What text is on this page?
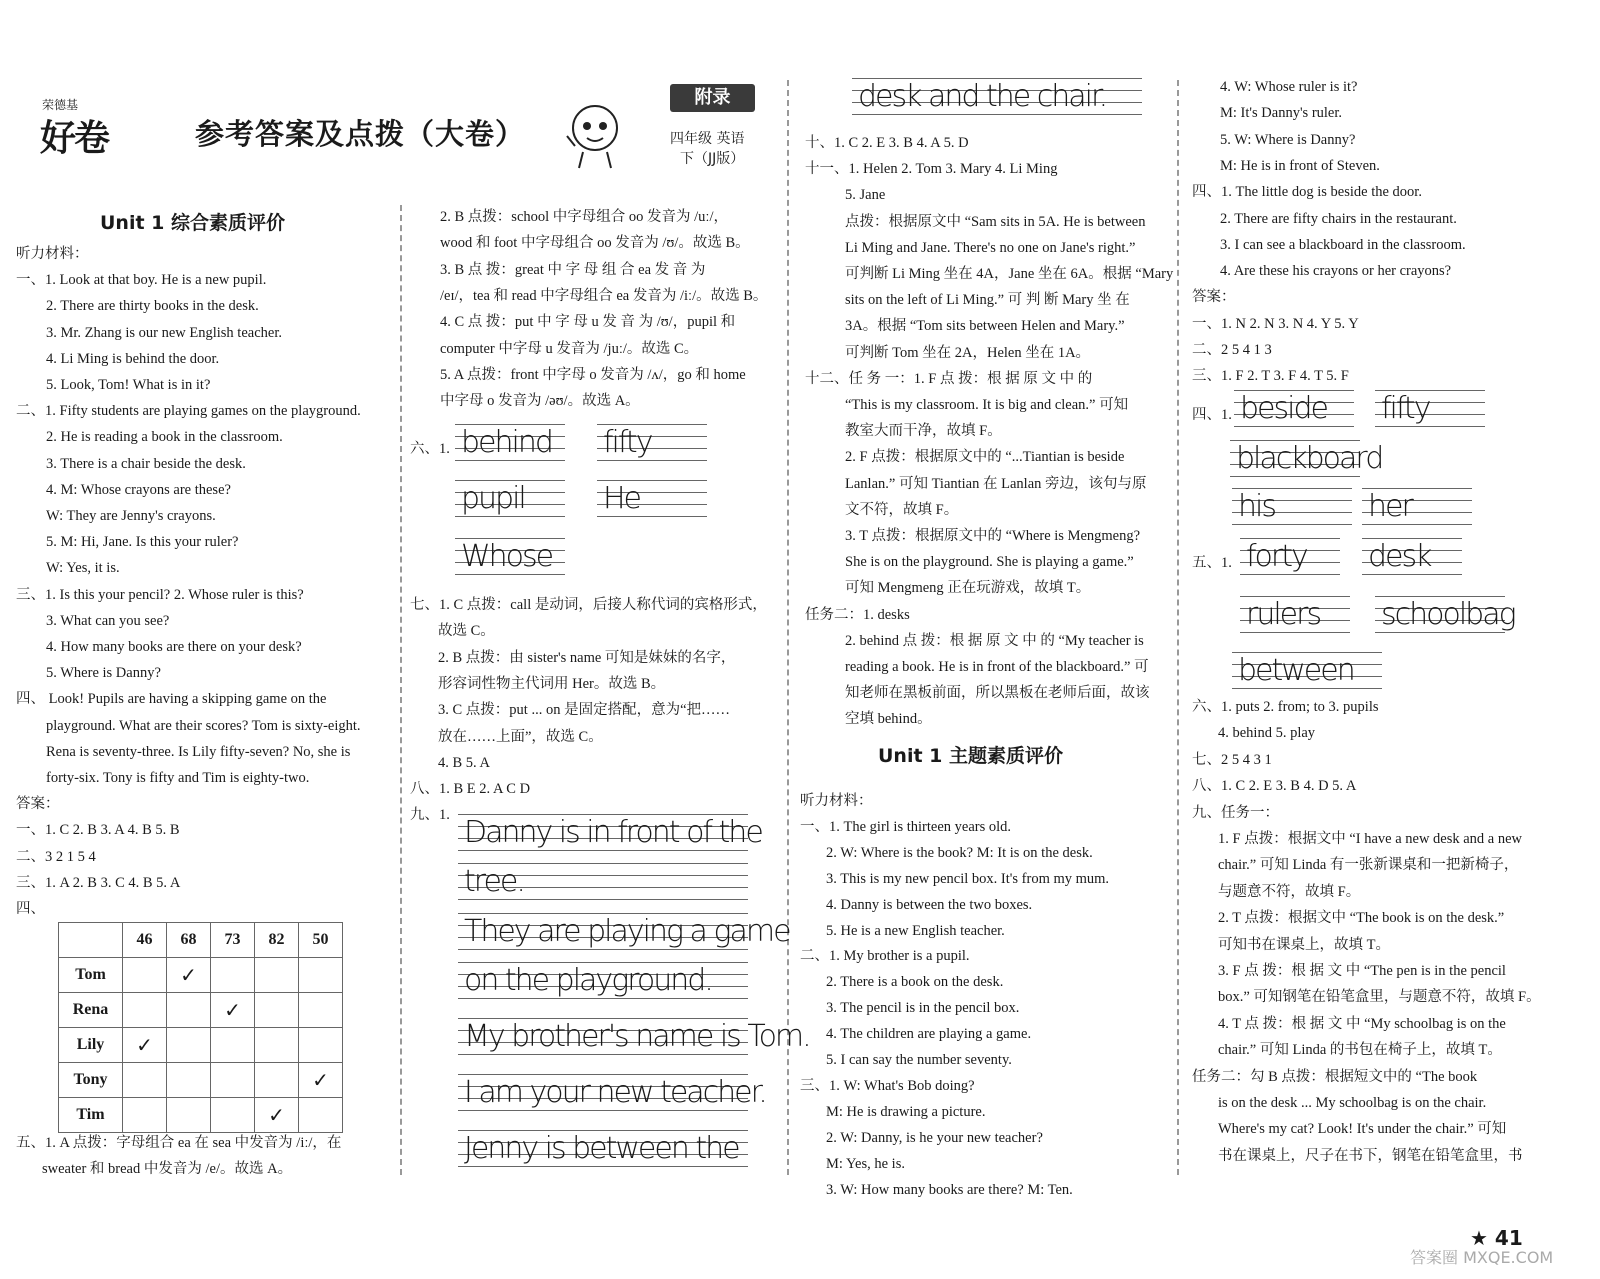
荣德基
好卷	参考答案及点拨（大卷）
附录
四年级 英语
下（JJ版）
Unit 1 综合素质评价
听力材料：
一、1. Look at that boy. He is a new pupil.
2. There are thirty books in the desk.
3. Mr. Zhang is our new English teacher.
4. Li Ming is behind the door.
5. Look, Tom! What is in it?
二、1. Fifty students are playing games on the playground.
2. He is reading a book in the classroom.
3. There is a chair beside the desk.
4. M: Whose crayons are these?
W: They are Jenny's crayons.
5. M: Hi, Jane. Is this your ruler?
W: Yes, it is.
三、1. Is this your pencil? 2. Whose ruler is this?
3. What can you see?
4. How many books are there on your desk?
5. Where is Danny?
四、 Look! Pupils are having a skipping game on the
playground. What are their scores? Tom is sixty-eight.
Rena is seventy-three. Is Lily fifty-seven? No, she is
forty-six. Tony is fifty and Tim is eighty-two.
答案：
一、1. C 2. B 3. A 4. B 5. B
二、3 2 1 5 4
三、1. A 2. B 3. C 4. B 5. A
四、
	46	68	73	82	50
Tom		✓			
Rena			✓		
Lily	✓				
Tony					✓
Tim				✓	
五、1. A 点拨：字母组合 ea 在 sea 中发音为 /iː/，在
sweater 和 bread 中发音为 /e/。故选 A。
2. B 点拨：school 中字母组合 oo 发音为 /uː/，
wood 和 foot 中字母组合 oo 发音为 /ʊ/。故选 B。
3. B 点 拨：great 中 字 母 组 合 ea 发 音 为
/eɪ/，tea 和 read 中字母组合 ea 发音为 /iː/。故选 B。
4. C 点 拨：put 中 字 母 u 发 音 为 /ʊ/，pupil 和
computer 中字母 u 发音为 /juː/。故选 C。
5. A 点拨：front 中字母 o 发音为 /ʌ/，go 和 home
中字母 o 发音为 /əʊ/。故选 A。
六、1. behind fifty
pupil	He
Whose
七、1. C 点拨：call 是动词，后接人称代词的宾格形式，
故选 C。
2. B 点拨：由 sister's name 可知是妹妹的名字，
形容词性物主代词用 Her。故选 B。
3. C 点拨：put ... on 是固定搭配，意为“把……
放在……上面”，故选 C。
4. B 5. A
八、1. B E 2. A C D
九、1. Danny is in front of the
tree.
They are playing a game
on the playground.
My brother's name is Tom.
I am your new teacher.
Jenny is between the
desk and the chair.
十、1. C 2. E 3. B 4. A 5. D
十一、1. Helen 2. Tom 3. Mary 4. Li Ming
5. Jane
点拨：根据原文中 “Sam sits in 5A. He is between
Li Ming and Jane. There's no one on Jane's right.”
可判断 Li Ming 坐在 4A，Jane 坐在 6A。根据 “Mary
sits on the left of Li Ming.” 可 判 断 Mary 坐 在
3A。根据 “Tom sits between Helen and Mary.”
可判断 Tom 坐在 2A，Helen 坐在 1A。
十二、任 务 一：1. F 点 拨：根 据 原 文 中 的
“This is my classroom. It is big and clean.” 可知
教室大而干净，故填 F。
2. F 点拨：根据原文中的 “...Tiantian is beside
Lanlan.” 可知 Tiantian 在 Lanlan 旁边，该句与原
文不符，故填 F。
3. T 点拨：根据原文中的 “Where is Mengmeng?
She is on the playground. She is playing a game.”
可知 Mengmeng 正在玩游戏，故填 T。
任务二：1. desks
2. behind 点 拨：根 据 原 文 中 的 “My teacher is
reading a book. He is in front of the blackboard.” 可
知老师在黑板前面，所以黑板在老师后面，故该
空填 behind。
Unit 1 主题素质评价
听力材料：
一、1. The girl is thirteen years old.
2. W: Where is the book? M: It is on the desk.
3. This is my new pencil box. It's from my mum.
4. Danny is between the two boxes.
5. He is a new English teacher.
二、1. My brother is a pupil.
2. There is a book on the desk.
3. The pencil is in the pencil box.
4. The children are playing a game.
5. I can say the number seventy.
三、1. W: What's Bob doing?
M: He is drawing a picture.
2. W: Danny, is he your new teacher?
M: Yes, he is.
3. W: How many books are there? M: Ten.
4. W: Whose ruler is it?
M: It's Danny's ruler.
5. W: Where is Danny?
M: He is in front of Steven.
四、1. The little dog is beside the door.
2. There are fifty chairs in the restaurant.
3. I can see a blackboard in the classroom.
4. Are these his crayons or her crayons?
答案：
一、1. N 2. N 3. N 4. Y 5. Y
二、2 5 4 1 3
三、1. F 2. T 3. F 4. T 5. F
四、1. beside fifty
blackboard
his	her
五、1. forty desk
rulers schoolbag
between
六、1. puts 2. from; to 3. pupils
4. behind 5. play
七、2 5 4 3 1
八、1. C 2. E 3. B 4. D 5. A
九、任务一：
1. F 点拨：根据文中 “I have a new desk and a new
chair.” 可知 Linda 有一张新课桌和一把新椅子，
与题意不符，故填 F。
2. T 点拨：根据文中 “The book is on the desk.”
可知书在课桌上，故填 T。
3. F 点 拨：根 据 文 中 “The pen is in the pencil
box.” 可知钢笔在铅笔盒里，与题意不符，故填 F。
4. T 点 拨：根 据 文 中 “My schoolbag is on the
chair.” 可知 Linda 的书包在椅子上，故填 T。
任务二：勾 B 点拨：根据短文中的 “The book
is on the desk ... My schoolbag is on the chair.
Where's my cat? Look! It's under the chair.” 可知
书在课桌上，尺子在书下，钢笔在铅笔盒里，书
★ 41
答案圈 MXQE.COM
